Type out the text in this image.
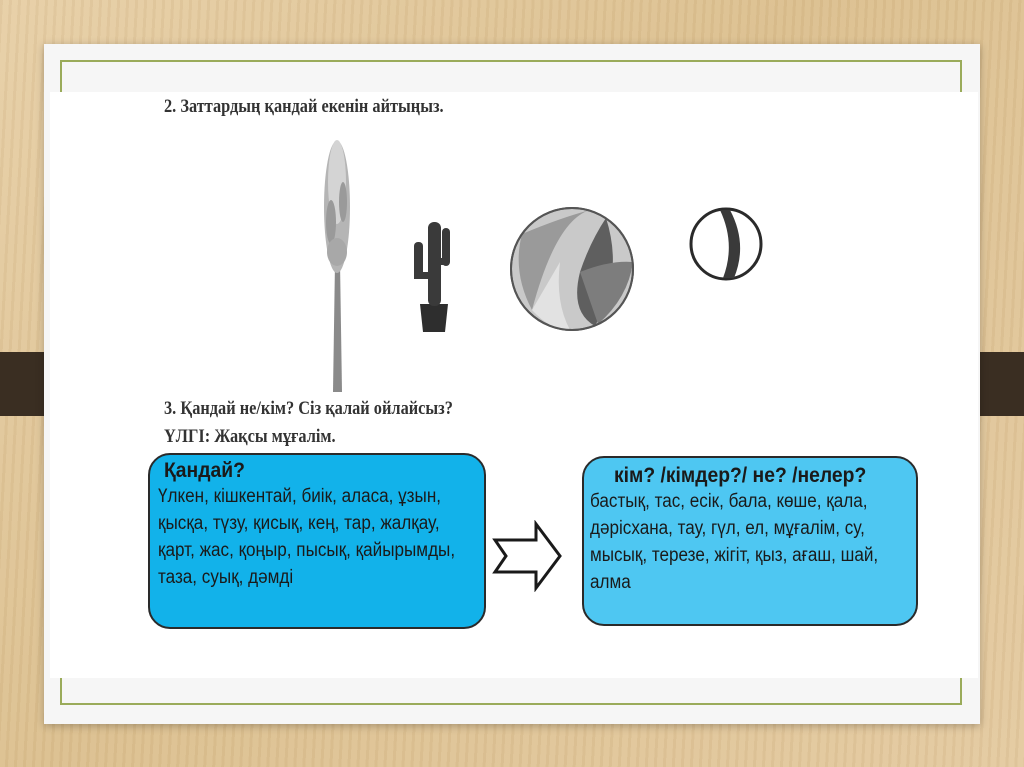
2. Заттардың қандай екенін айтыңыз.
3. Қандай не/кім? Сіз қалай ойлайсыз?
ҮЛГІ: Жақсы мұғалім.
Қандай?
Үлкен, кішкентай, биік, аласа, ұзын, қысқа, түзу, қисық, кең, тар, жалқау, қарт, жас, қоңыр, пысық, қайырымды, таза, суық, дәмді
кім? /кімдер?/ не? /нелер?
бастық, тас, есік, бала, көше, қала, дәрісхана, тау, гүл, ел, мұғалім, су, мысық, терезе, жігіт, қыз, ағаш, шай, алма
